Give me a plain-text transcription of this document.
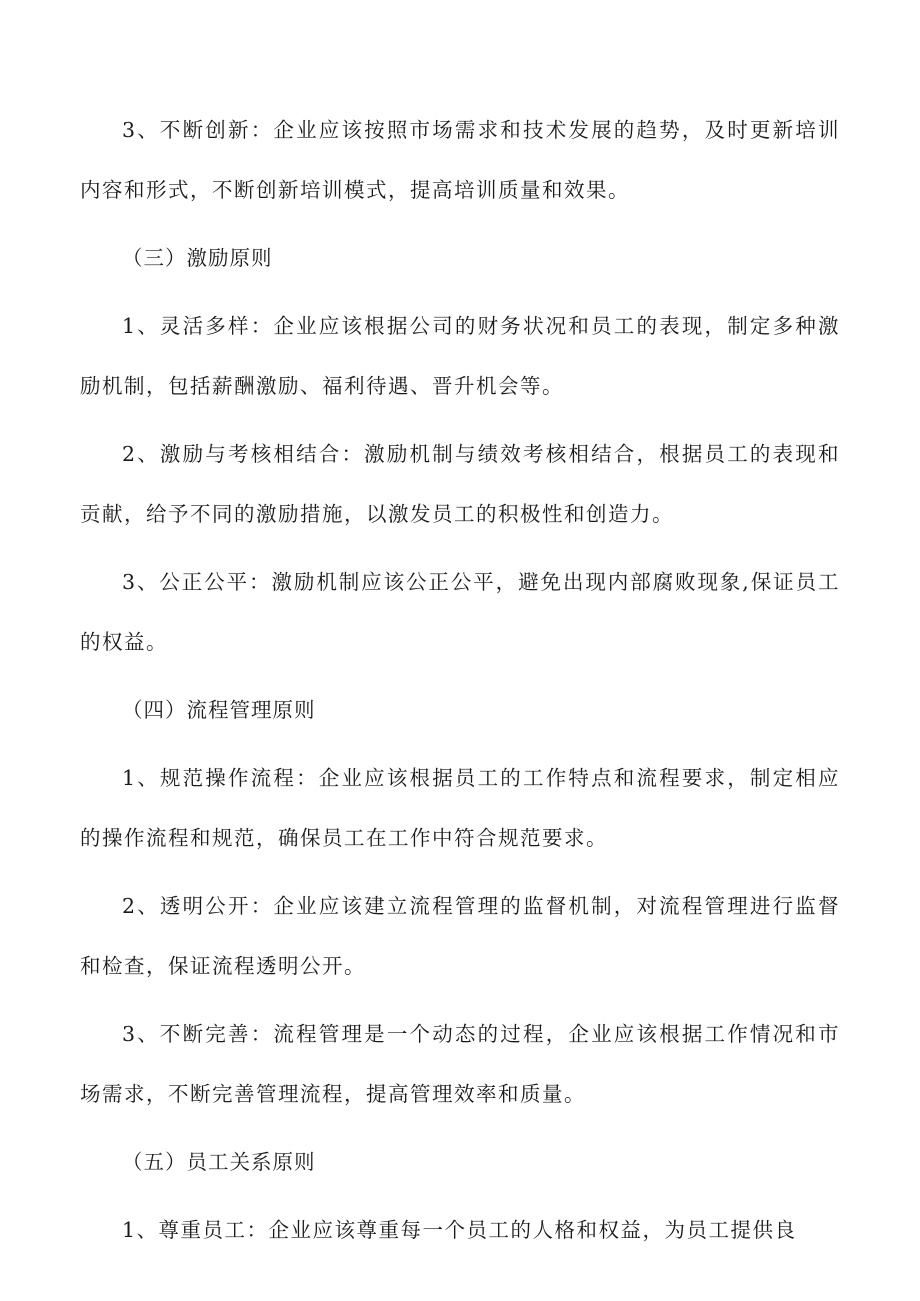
3、不断创新：企业应该按照市场需求和技术发展的趋势，及时更新培训内容和形式，不断创新培训模式，提高培训质量和效果。

（三）激励原则

1、灵活多样：企业应该根据公司的财务状况和员工的表现，制定多种激励机制，包括薪酬激励、福利待遇、晋升机会等。

2、激励与考核相结合：激励机制与绩效考核相结合，根据员工的表现和贡献，给予不同的激励措施，以激发员工的积极性和创造力。

3、公正公平：激励机制应该公正公平，避免出现内部腐败现象,保证员工的权益。

（四）流程管理原则

1、规范操作流程：企业应该根据员工的工作特点和流程要求，制定相应的操作流程和规范，确保员工在工作中符合规范要求。

2、透明公开：企业应该建立流程管理的监督机制，对流程管理进行监督和检查，保证流程透明公开。

3、不断完善：流程管理是一个动态的过程，企业应该根据工作情况和市场需求，不断完善管理流程，提高管理效率和质量。

（五）员工关系原则

1、尊重员工：企业应该尊重每一个员工的人格和权益，为员工提供良
